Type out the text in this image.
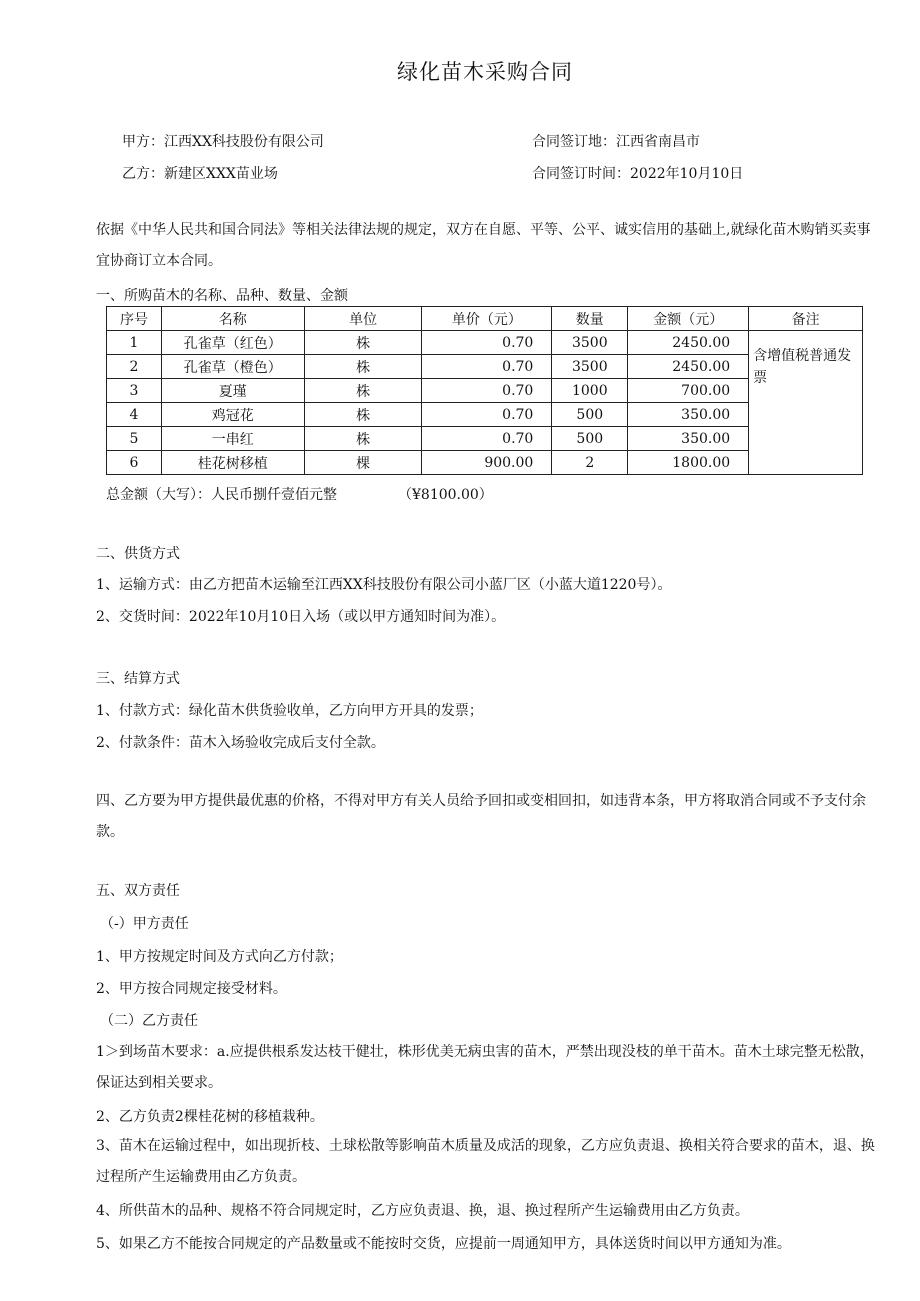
绿化苗木采购合同
甲方：江西XX科技股份有限公司
乙方：新建区XXX苗业场
合同签订地：江西省南昌市
合同签订时间：2022年10月10日
依据《中华人民共和国合同法》等相关法律法规的规定，双方在自愿、平等、公平、诚实信用的基础上,就绿化苗木购销买卖事宜协商订立本合同。
一、所购苗木的名称、品种、数量、金额
序号	名称	单位	单价（元）	数量	金额（元）	备注
1	孔雀草（红色）	株	0.70	3500	2450.00	含增值税普通发票
2	孔雀草（橙色）	株	0.70	3500	2450.00	
3	夏瑾	株	0.70	1000	700.00	
4	鸡冠花	株	0.70	500	350.00	
5	一串红	株	0.70	500	350.00	
6	桂花树移植	棵	900.00	2	1800.00	
总金额（大写）：人民币捌仟壹佰元整	（¥8100.00）
二、供货方式
1、运输方式：由乙方把苗木运输至江西XX科技股份有限公司小蓝厂区（小蓝大道1220号）。
2、交货时间：2022年10月10日入场（或以甲方通知时间为准）。
三、结算方式
1、付款方式：绿化苗木供货验收单，乙方向甲方开具的发票；
2、付款条件：苗木入场验收完成后支付全款。
四、乙方要为甲方提供最优惠的价格，不得对甲方有关人员给予回扣或变相回扣，如违背本条，甲方将取消合同或不予支付余款。
五、双方责任
（-）甲方责任
1、甲方按规定时间及方式向乙方付款；
2、甲方按合同规定接受材料。
（二）乙方责任
1＞到场苗木要求：a.应提供根系发达枝干健壮，株形优美无病虫害的苗木，严禁出现没枝的单干苗木。苗木土球完整无松散，保证达到相关要求。
2、乙方负责2棵桂花树的移植栽种。
3、苗木在运输过程中，如出现折枝、土球松散等影响苗木质量及成活的现象，乙方应负责退、换相关符合要求的苗木，退、换过程所产生运输费用由乙方负责。
4、所供苗木的品种、规格不符合同规定时，乙方应负责退、换，退、换过程所产生运输费用由乙方负责。
5、如果乙方不能按合同规定的产品数量或不能按时交货，应提前一周通知甲方，具体送货时间以甲方通知为准。
